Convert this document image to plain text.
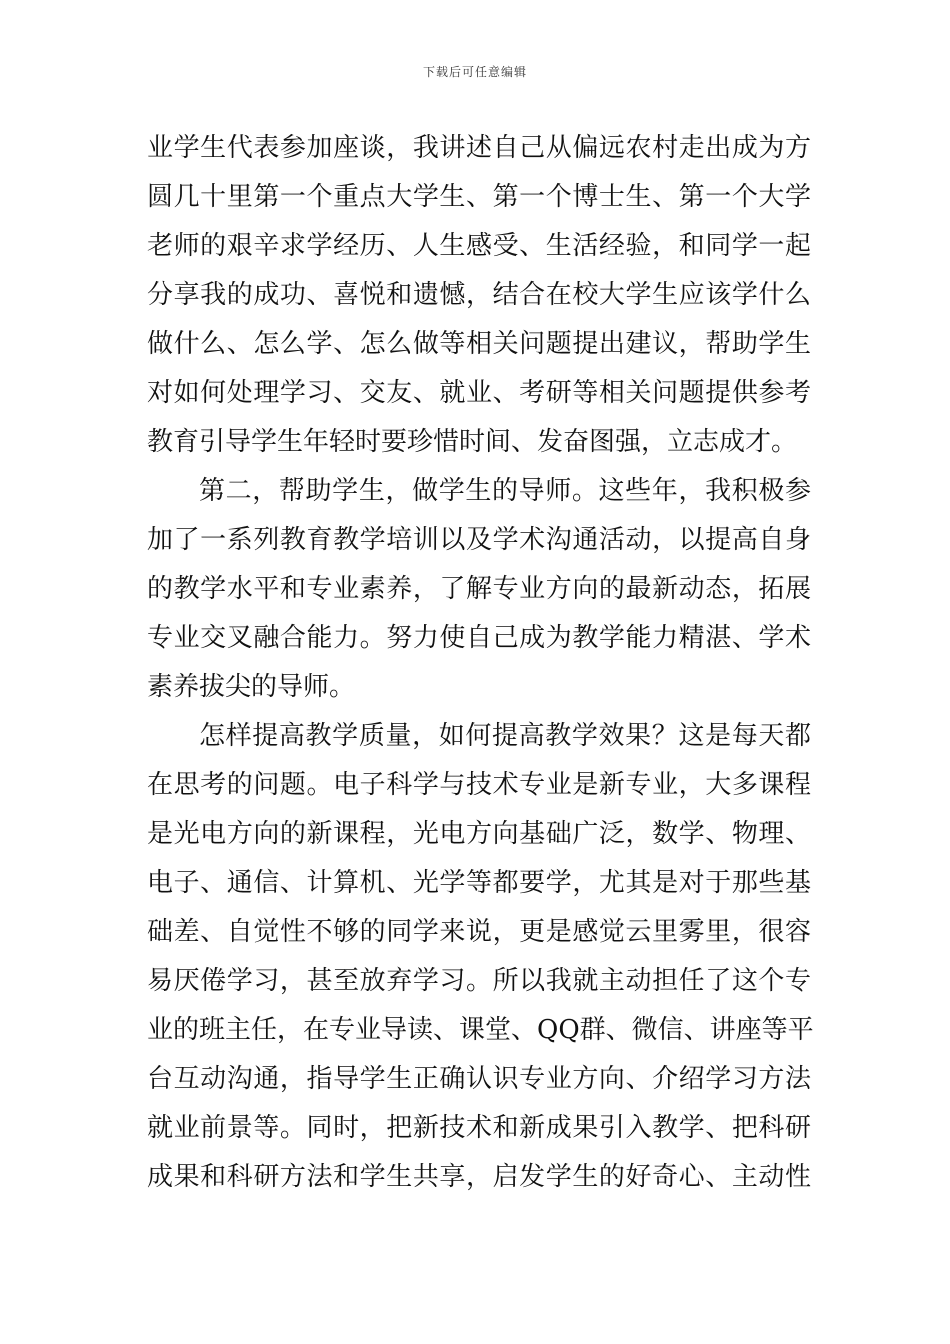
下载后可任意编辑
业学生代表参加座谈，我讲述自己从偏远农村走出成为方
圆几十里第一个重点大学生、第一个博士生、第一个大学
老师的艰辛求学经历、人生感受、生活经验，和同学一起
分享我的成功、喜悦和遗憾，结合在校大学生应该学什么
做什么、怎么学、怎么做等相关问题提出建议，帮助学生
对如何处理学习、交友、就业、考研等相关问题提供参考
教育引导学生年轻时要珍惜时间、发奋图强，立志成才。
第二，帮助学生，做学生的导师。这些年，我积极参
加了一系列教育教学培训以及学术沟通活动，以提高自身
的教学水平和专业素养，了解专业方向的最新动态，拓展
专业交叉融合能力。努力使自己成为教学能力精湛、学术
素养拔尖的导师。
怎样提高教学质量，如何提高教学效果？这是每天都
在思考的问题。电子科学与技术专业是新专业，大多课程
是光电方向的新课程，光电方向基础广泛，数学、物理、
电子、通信、计算机、光学等都要学，尤其是对于那些基
础差、自觉性不够的同学来说，更是感觉云里雾里，很容
易厌倦学习，甚至放弃学习。所以我就主动担任了这个专
业的班主任，在专业导读、课堂、QQ群、微信、讲座等平
台互动沟通，指导学生正确认识专业方向、介绍学习方法
就业前景等。同时，把新技术和新成果引入教学、把科研
成果和科研方法和学生共享，启发学生的好奇心、主动性
